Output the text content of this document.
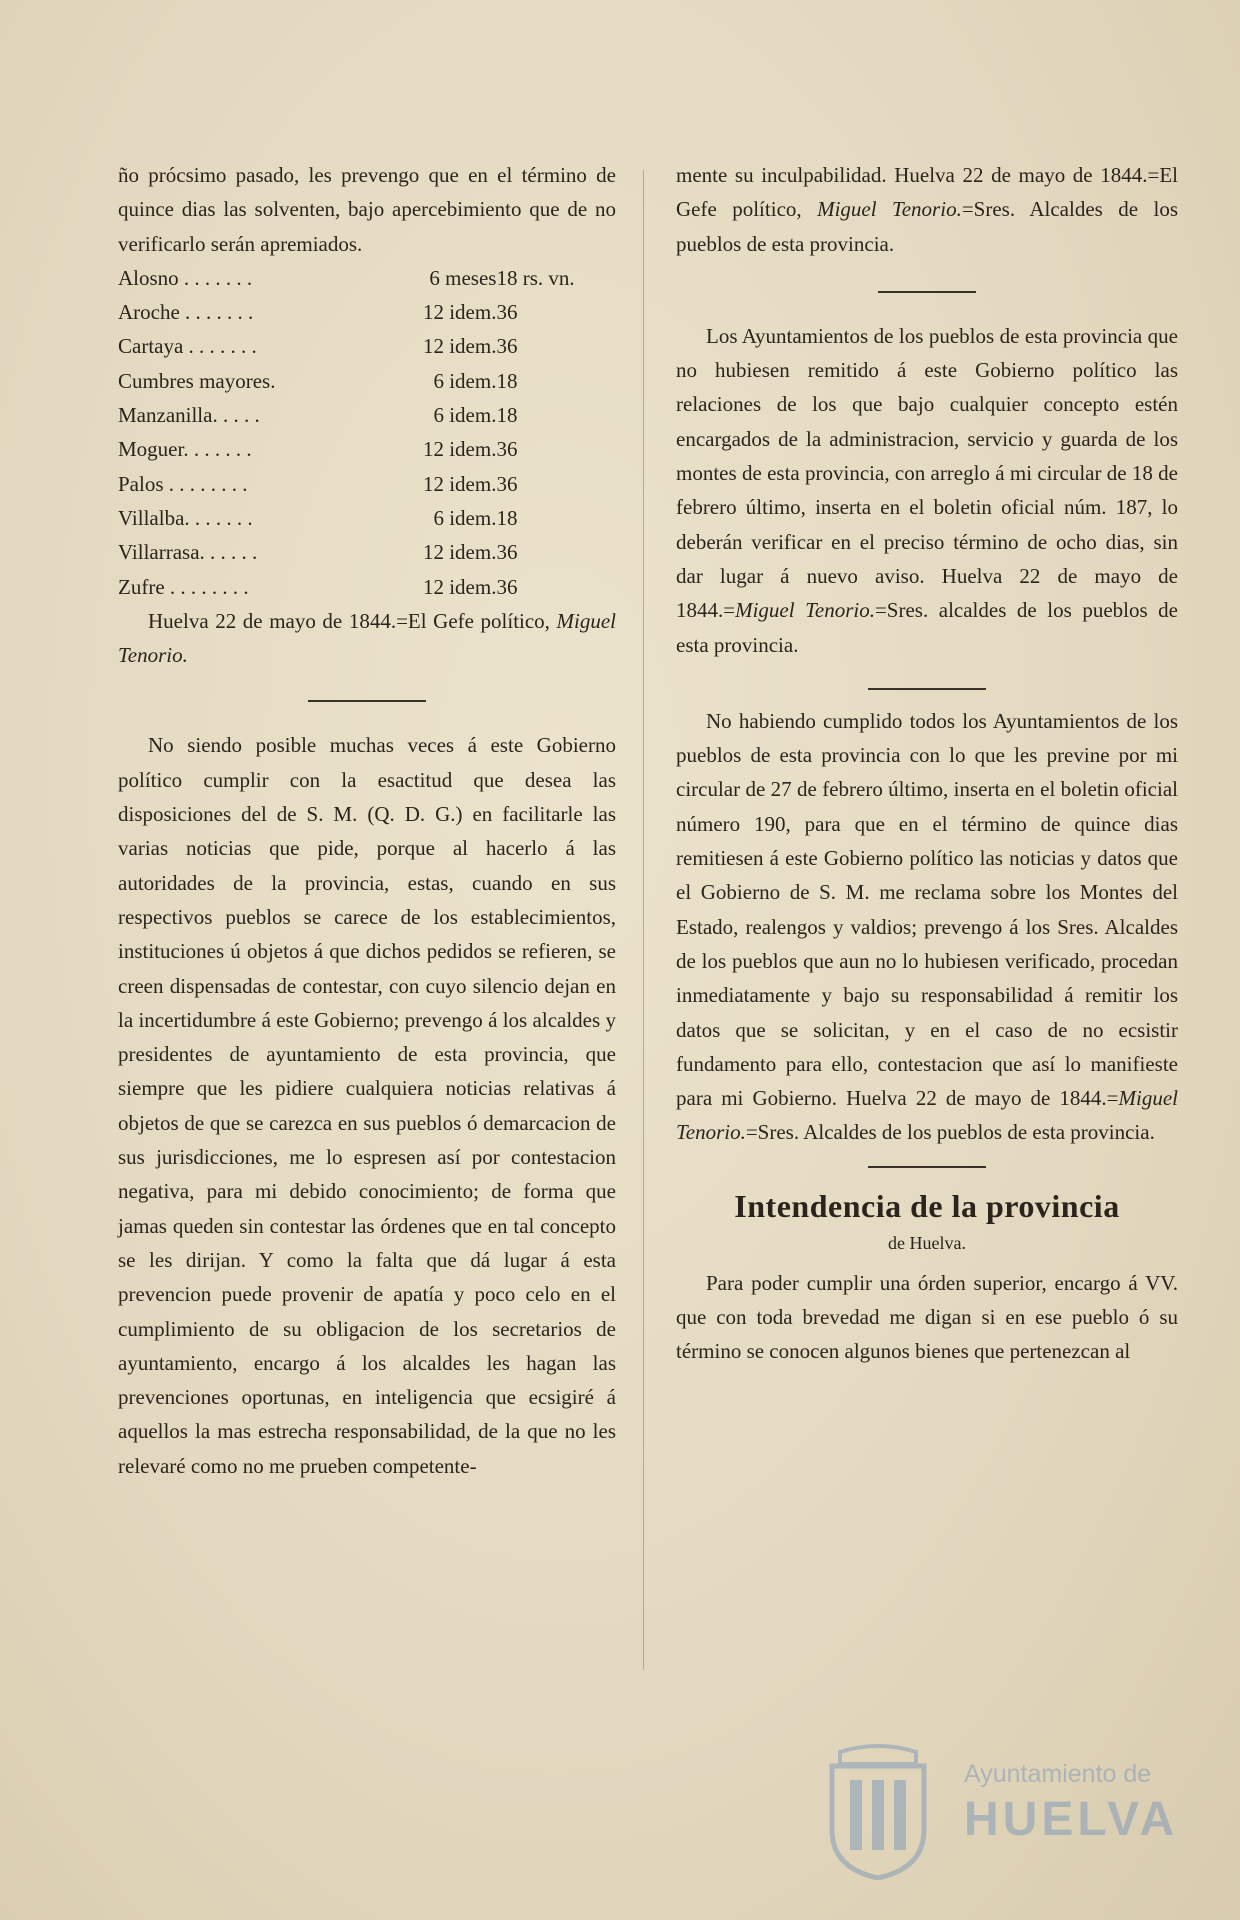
ño prócsimo pasado, les prevengo que en el término de quince dias las solventen, bajo apercebimiento que de no verificarlo serán apremiados.

Alosno . . . . . . .	6 meses	18 rs. vn.
Aroche . . . . . . .	12 idem.	36
Cartaya . . . . . . .	12 idem.	36
Cumbres mayores.	6 idem.	18
Manzanilla. . . . .	6 idem.	18
Moguer. . . . . . .	12 idem.	36
Palos . . . . . . . .	12 idem.	36
Villalba. . . . . . .	6 idem.	18
Villarrasa. . . . . .	12 idem.	36
Zufre . . . . . . . .	12 idem.	36

Huelva 22 de mayo de 1844.=El Gefe político, Miguel Tenorio.

No siendo posible muchas veces á este Gobierno político cumplir con la esactitud que desea las disposiciones del de S. M. (Q. D. G.) en facilitarle las varias noticias que pide, porque al hacerlo á las autoridades de la provincia, estas, cuando en sus respectivos pueblos se carece de los establecimientos, instituciones ú objetos á que dichos pedidos se refieren, se creen dispensadas de contestar, con cuyo silencio dejan en la incertidumbre á este Gobierno; prevengo á los alcaldes y presidentes de ayuntamiento de esta provincia, que siempre que les pidiere cualquiera noticias relativas á objetos de que se carezca en sus pueblos ó demarcacion de sus jurisdicciones, me lo espresen así por contestacion negativa, para mi debido conocimiento; de forma que jamas queden sin contestar las órdenes que en tal concepto se les dirijan. Y como la falta que dá lugar á esta prevencion puede provenir de apatía y poco celo en el cumplimiento de su obligacion de los secretarios de ayuntamiento, encargo á los alcaldes les hagan las prevenciones oportunas, en inteligencia que ecsigiré á aquellos la mas estrecha responsabilidad, de la que no les relevaré como no me prueben competente-

mente su inculpabilidad. Huelva 22 de mayo de 1844.=El Gefe político, Miguel Tenorio.=Sres. Alcaldes de los pueblos de esta provincia.

Los Ayuntamientos de los pueblos de esta provincia que no hubiesen remitido á este Gobierno político las relaciones de los que bajo cualquier concepto estén encargados de la administracion, servicio y guarda de los montes de esta provincia, con arreglo á mi circular de 18 de febrero último, inserta en el boletin oficial núm. 187, lo deberán verificar en el preciso término de ocho dias, sin dar lugar á nuevo aviso. Huelva 22 de mayo de 1844.=Miguel Tenorio.=Sres. alcaldes de los pueblos de esta provincia.

No habiendo cumplido todos los Ayuntamientos de los pueblos de esta provincia con lo que les previne por mi circular de 27 de febrero último, inserta en el boletin oficial número 190, para que en el término de quince dias remitiesen á este Gobierno político las noticias y datos que el Gobierno de S. M. me reclama sobre los Montes del Estado, realengos y valdios; prevengo á los Sres. Alcaldes de los pueblos que aun no lo hubiesen verificado, procedan inmediatamente y bajo su responsabilidad á remitir los datos que se solicitan, y en el caso de no ecsistir fundamento para ello, contestacion que así lo manifieste para mi Gobierno. Huelva 22 de mayo de 1844.=Miguel Tenorio.=Sres. Alcaldes de los pueblos de esta provincia.

Intendencia de la provincia
de Huelva.

Para poder cumplir una órden superior, encargo á VV. que con toda brevedad me digan si en ese pueblo ó su término se conocen algunos bienes que pertenezcan al

Ayuntamiento de
HUELVA
